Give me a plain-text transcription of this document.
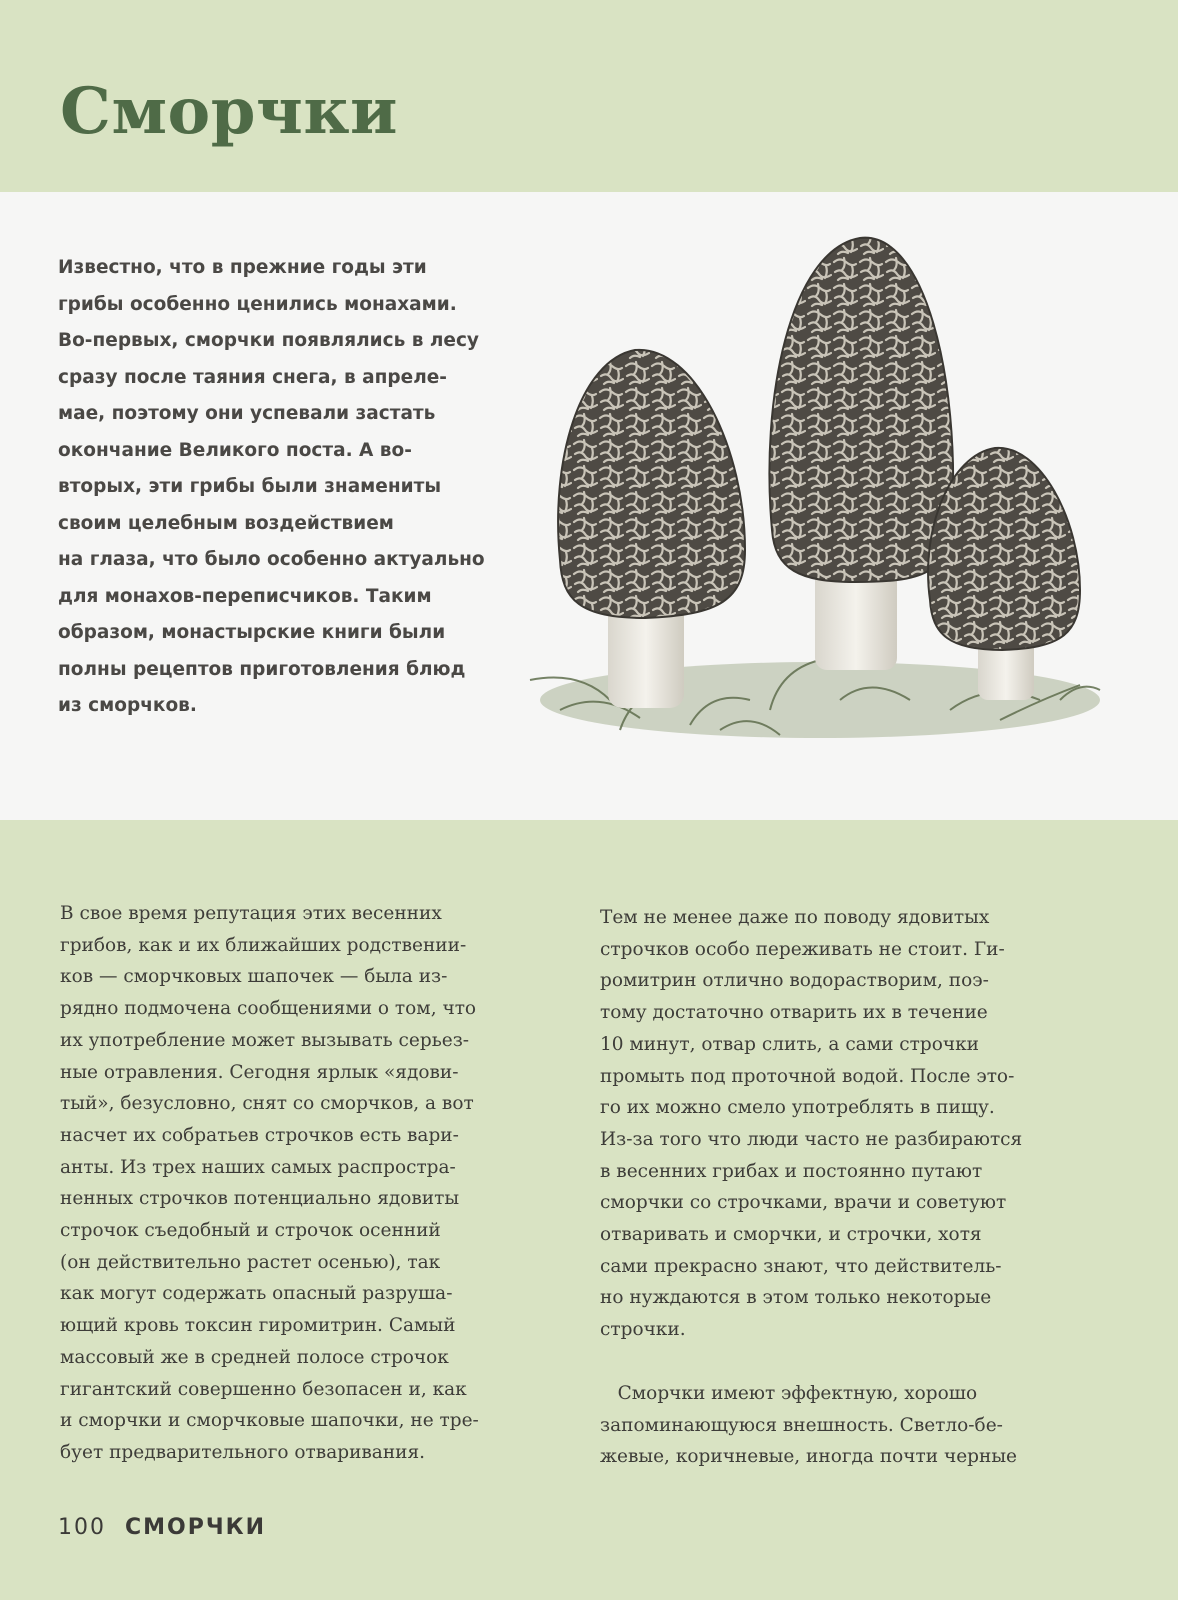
Сморчки
Известно, что в прежние годы эти
грибы особенно ценились монахами.
Во-первых, сморчки появлялись в лесу
сразу после таяния снега, в апреле-
мае, поэтому они успевали застать
окончание Великого поста. А во-
вторых, эти грибы были знамениты
своим целебным воздействием
на глаза, что было особенно актуально
для монахов-переписчиков. Таким
образом, монастырские книги были
полны рецептов приготовления блюд
из сморчков.
В свое время репутация этих весенних
грибов, как и их ближайших родствении-
ков — сморчковых шапочек — была из-
рядно подмочена сообщениями о том, что
их употребление может вызывать серьез-
ные отравления. Сегодня ярлык «ядови-
тый», безусловно, снят со сморчков, а вот
насчет их собратьев строчков есть вари-
анты. Из трех наших самых распростра-
ненных строчков потенциально ядовиты
строчок съедобный и строчок осенний
(он действительно растет осенью), так
как могут содержать опасный разруша-
ющий кровь токсин гиромитрин. Самый
массовый же в средней полосе строчок
гигантский совершенно безопасен и, как
и сморчки и сморчковые шапочки, не тре-
бует предварительного отваривания.
Тем не менее даже по поводу ядовитых
строчков особо переживать не стоит. Ги-
ромитрин отлично водорастворим, поэ-
тому достаточно отварить их в течение
10 минут, отвар слить, а сами строчки
промыть под проточной водой. После это-
го их можно смело употреблять в пищу.
Из-за того что люди часто не разбираются
в весенних грибах и постоянно путают
сморчки со строчками, врачи и советуют
отваривать и сморчки, и строчки, хотя
сами прекрасно знают, что действитель-
но нуждаются в этом только некоторые
строчки.
Сморчки имеют эффектную, хорошо
запоминающуюся внешность. Светло-бе-
жевые, коричневые, иногда почти черные
100 СМОРЧКИ
